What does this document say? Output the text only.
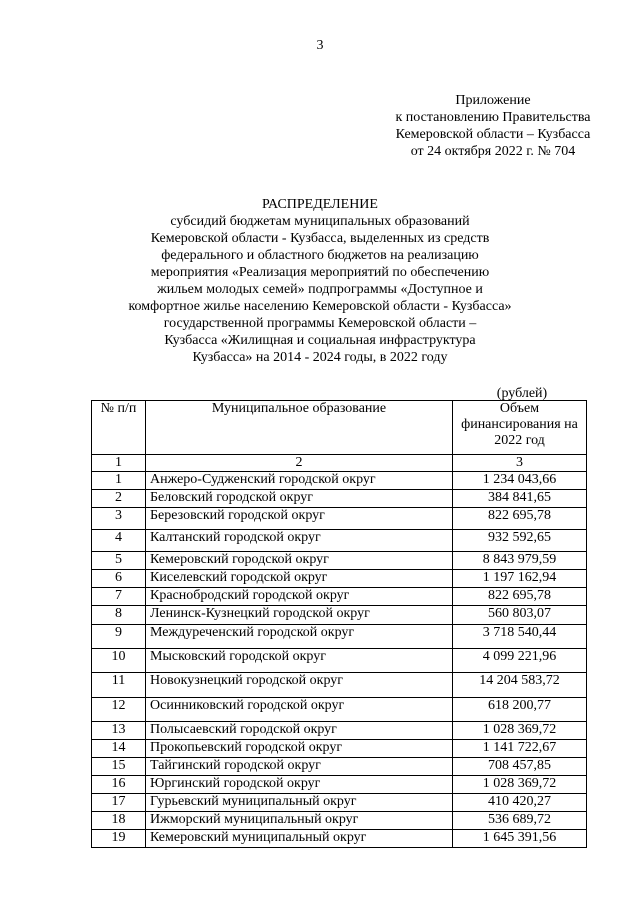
3
Приложение
к постановлению Правительства
Кемеровской области – Кузбасса
от 24 октября 2022 г. № 704
РАСПРЕДЕЛЕНИЕ
субсидий бюджетам муниципальных образований
Кемеровской области - Кузбасса, выделенных из средств
федерального и областного бюджетов на реализацию
мероприятия «Реализация мероприятий по обеспечению
жильем молодых семей» подпрограммы «Доступное и
комфортное жилье населению Кемеровской области - Кузбасса»
государственной программы Кемеровской области –
Кузбасса «Жилищная и социальная инфраструктура
Кузбасса» на 2014 - 2024 годы, в 2022 году
(рублей)
№ п/п	Муниципальное образование	Объем финансирования на 2022 год
1	2	3
1	Анжеро-Судженский городской округ	1 234 043,66
2	Беловский городской округ	384 841,65
3	Березовский городской округ	822 695,78
4	Калтанский городской округ	932 592,65
5	Кемеровский городской округ	8 843 979,59
6	Киселевский городской округ	1 197 162,94
7	Краснобродский городской округ	822 695,78
8	Ленинск-Кузнецкий городской округ	560 803,07
9	Междуреченский городской округ	3 718 540,44
10	Мысковский городской округ	4 099 221,96
11	Новокузнецкий городской округ	14 204 583,72
12	Осинниковский городской округ	618 200,77
13	Полысаевский городской округ	1 028 369,72
14	Прокопьевский городской округ	1 141 722,67
15	Тайгинский городской округ	708 457,85
16	Юргинский городской округ	1 028 369,72
17	Гурьевский муниципальный округ	410 420,27
18	Ижморский муниципальный округ	536 689,72
19	Кемеровский муниципальный округ	1 645 391,56
